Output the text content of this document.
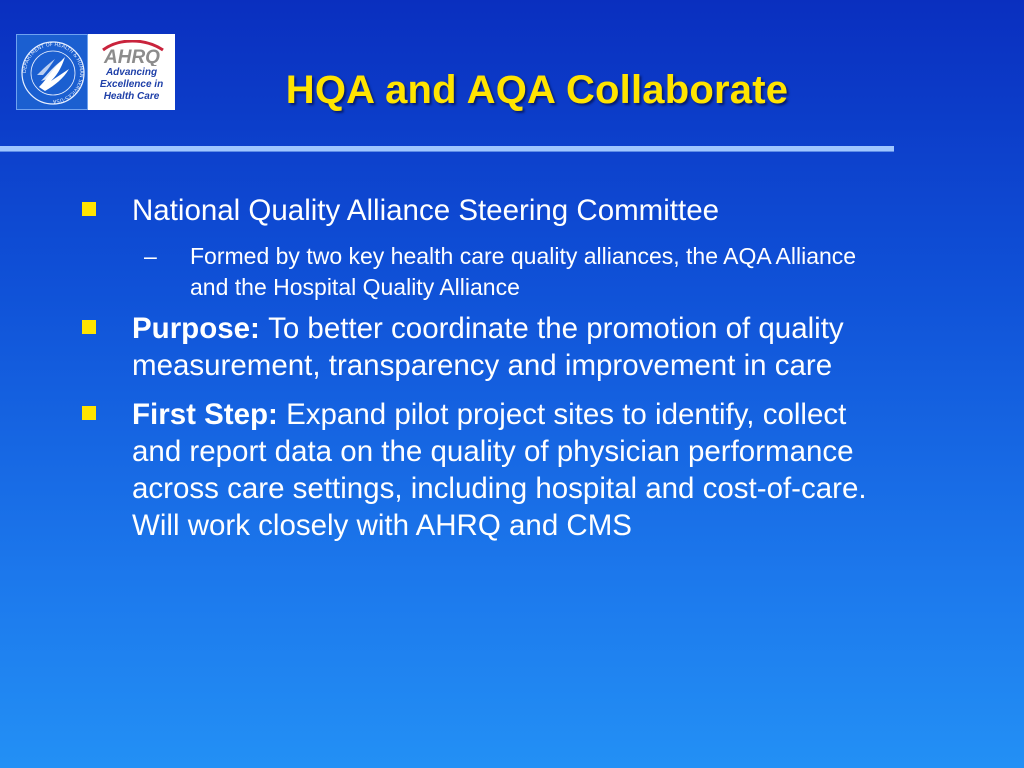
DEPARTMENT OF HEALTH & HUMAN SERVICES·USA
AHRQ
Advancing
Excellence in
Health Care	HQA and AQA Collaborate
National Quality Alliance Steering Committee
– Formed by two key health care quality alliances, the AQA Alliance and the Hospital Quality Alliance
Purpose: To better coordinate the promotion of quality measurement, transparency and improvement in care
First Step: Expand pilot project sites to identify, collect and report data on the quality of physician performance across care settings, including hospital and cost-of-care. Will work closely with AHRQ and CMS
